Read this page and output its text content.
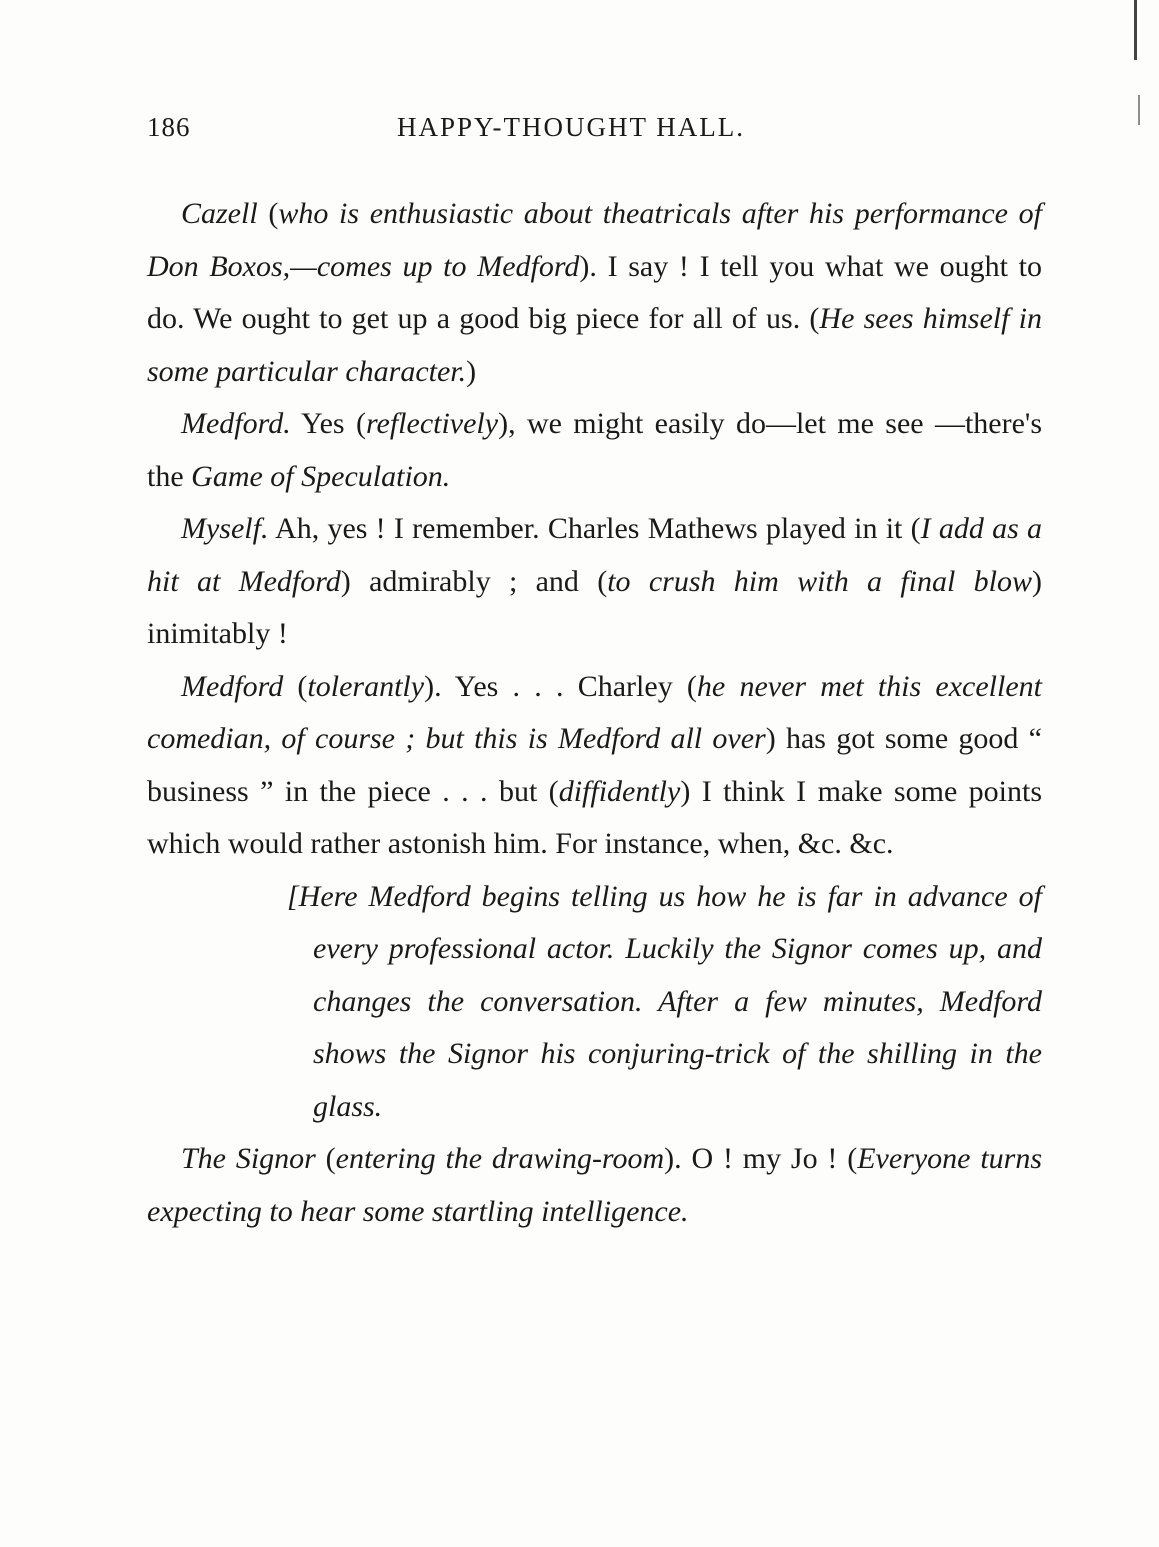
186	HAPPY-THOUGHT HALL.

Cazell (who is enthusiastic about theatricals after his performance of Don Boxos,—comes up to Medford). I say ! I tell you what we ought to do. We ought to get up a good big piece for all of us. (He sees himself in some particular character.)

Medford. Yes (reflectively), we might easily do—let me see —there's the Game of Speculation.

Myself. Ah, yes ! I remember. Charles Mathews played in it (I add as a hit at Medford) admirably ; and (to crush him with a final blow) inimitably !

Medford (tolerantly). Yes . . . Charley (he never met this excellent comedian, of course ; but this is Medford all over) has got some good “ business ” in the piece . . . but (diffidently) I think I make some points which would rather astonish him. For instance, when, &c. &c.

[Here Medford begins telling us how he is far in advance of every professional actor. Luckily the Signor comes up, and changes the conversation. After a few minutes, Medford shows the Signor his conjuring-trick of the shilling in the glass.

The Signor (entering the drawing-room). O ! my Jo ! (Everyone turns expecting to hear some startling intelligence.
